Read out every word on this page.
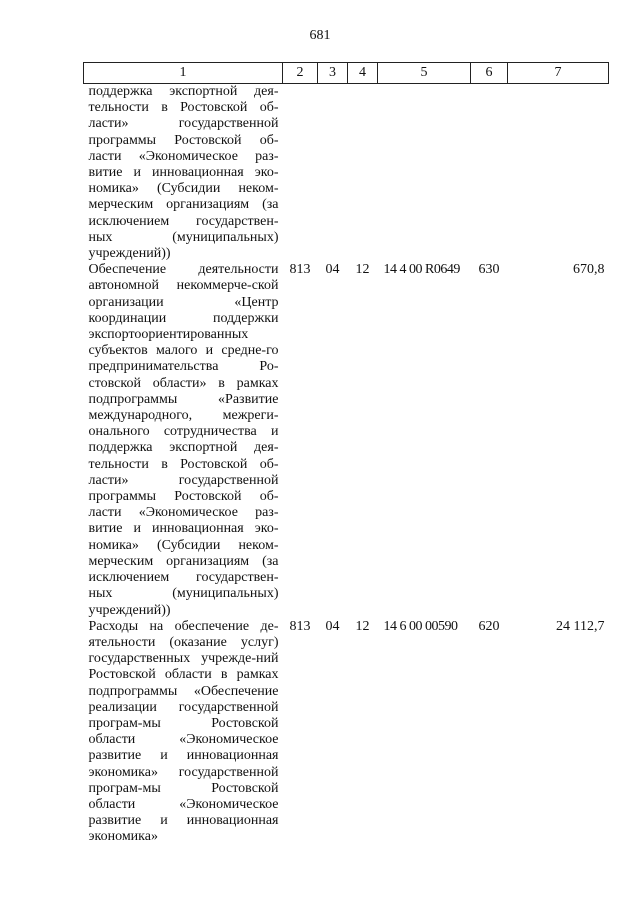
681
1	2	3	4	5	6	7
поддержка экспортной дея-тельности в Ростовской об-ласти» государственной программы Ростовской об-ласти «Экономическое раз-витие и инновационная эко-номика» (Субсидии неком-мерческим организациям (за исключением государствен-ных (муниципальных) учреждений))						
Обеспечение деятельности автономной некоммерче-ской организации «Центр координации поддержки экспортоориентированных субъектов малого и средне-го предпринимательства Ро-стовской области» в рамках подпрограммы «Развитие международного, межреги-онального сотрудничества и поддержка экспортной дея-тельности в Ростовской об-ласти» государственной программы Ростовской об-ласти «Экономическое раз-витие и инновационная эко-номика» (Субсидии неком-мерческим организациям (за исключением государствен-ных (муниципальных) учреждений))	813	04	12	14 4 00 R0649	630	670,8
Расходы на обеспечение де-ятельности (оказание услуг) государственных учрежде-ний Ростовской области в рамках подпрограммы «Обеспечение реализации государственной програм-мы Ростовской области «Экономическое развитие и инновационная экономика» государственной програм-мы Ростовской области «Экономическое развитие и инновационная экономика»	813	04	12	14 6 00 00590	620	24 112,7
